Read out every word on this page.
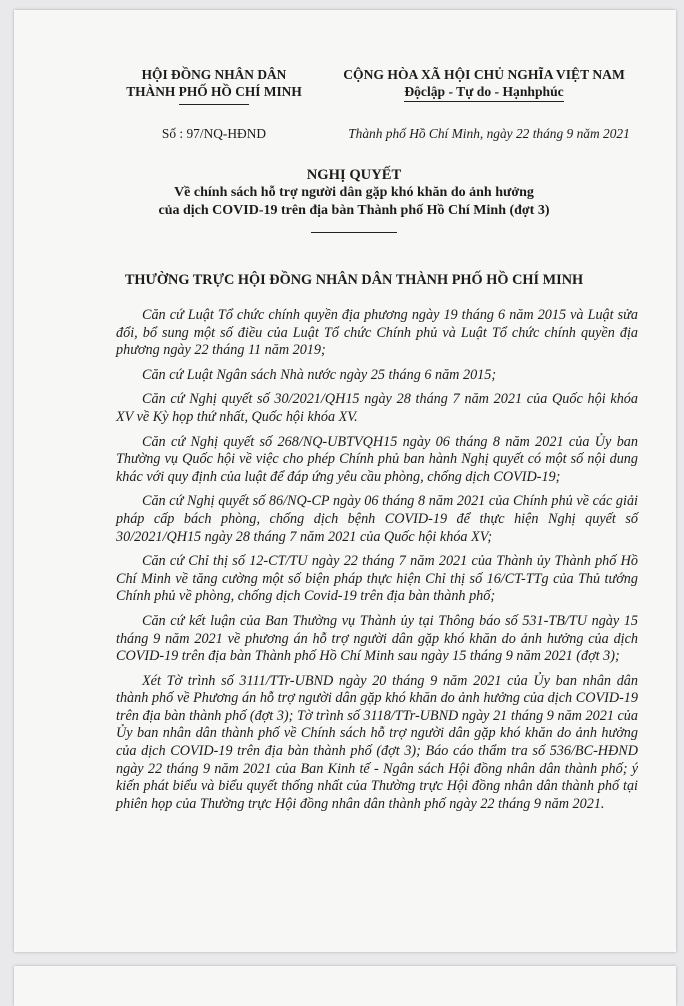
HỘI ĐỒNG NHÂN DÂN
THÀNH PHỐ HỒ CHÍ MINH
CỘNG HÒA XÃ HỘI CHỦ NGHĨA VIỆT NAM
Độclập - Tự do - Hạnhphúc
Số : 97/NQ-HĐND	Thành phố Hồ Chí Minh, ngày 22 tháng 9 năm 2021
NGHỊ QUYẾT
Về chính sách hỗ trợ người dân gặp khó khăn do ảnh hưởng
của dịch COVID-19 trên địa bàn Thành phố Hồ Chí Minh (đợt 3)
THƯỜNG TRỰC HỘI ĐỒNG NHÂN DÂN THÀNH PHỐ HỒ CHÍ MINH

Căn cứ Luật Tổ chức chính quyền địa phương ngày 19 tháng 6 năm 2015 và Luật sửa đổi, bổ sung một số điều của Luật Tổ chức Chính phủ và Luật Tổ chức chính quyền địa phương ngày 22 tháng 11 năm 2019;

Căn cứ Luật Ngân sách Nhà nước ngày 25 tháng 6 năm 2015;

Căn cứ Nghị quyết số 30/2021/QH15 ngày 28 tháng 7 năm 2021 của Quốc hội khóa XV về Kỳ họp thứ nhất, Quốc hội khóa XV.

Căn cứ Nghị quyết số 268/NQ-UBTVQH15 ngày 06 tháng 8 năm 2021 của Ủy ban Thường vụ Quốc hội về việc cho phép Chính phủ ban hành Nghị quyết có một số nội dung khác với quy định của luật để đáp ứng yêu cầu phòng, chống dịch COVID-19;

Căn cứ Nghị quyết số 86/NQ-CP ngày 06 tháng 8 năm 2021 của Chính phủ về các giải pháp cấp bách phòng, chống dịch bệnh COVID-19 để thực hiện Nghị quyết số 30/2021/QH15 ngày 28 tháng 7 năm 2021 của Quốc hội khóa XV;

Căn cứ Chỉ thị số 12-CT/TU ngày 22 tháng 7 năm 2021 của Thành ủy Thành phố Hồ Chí Minh về tăng cường một số biện pháp thực hiện Chỉ thị số 16/CT-TTg của Thủ tướng Chính phủ về phòng, chống dịch Covid-19 trên địa bàn thành phố;

Căn cứ kết luận của Ban Thường vụ Thành ủy tại Thông báo số 531-TB/TU ngày 15 tháng 9 năm 2021 về phương án hỗ trợ người dân gặp khó khăn do ảnh hưởng của dịch COVID-19 trên địa bàn Thành phố Hồ Chí Minh sau ngày 15 tháng 9 năm 2021 (đợt 3);

Xét Tờ trình số 3111/TTr-UBND ngày 20 tháng 9 năm 2021 của Ủy ban nhân dân thành phố về Phương án hỗ trợ người dân gặp khó khăn do ảnh hưởng của dịch COVID-19 trên địa bàn thành phố (đợt 3); Tờ trình số 3118/TTr-UBND ngày 21 tháng 9 năm 2021 của Ủy ban nhân dân thành phố về Chính sách hỗ trợ người dân gặp khó khăn do ảnh hưởng của dịch COVID-19 trên địa bàn thành phố (đợt 3); Báo cáo thẩm tra số 536/BC-HĐND ngày 22 tháng 9 năm 2021 của Ban Kinh tế - Ngân sách Hội đồng nhân dân thành phố; ý kiến phát biểu và biểu quyết thống nhất của Thường trực Hội đồng nhân dân thành phố tại phiên họp của Thường trực Hội đồng nhân dân thành phố ngày 22 tháng 9 năm 2021.
